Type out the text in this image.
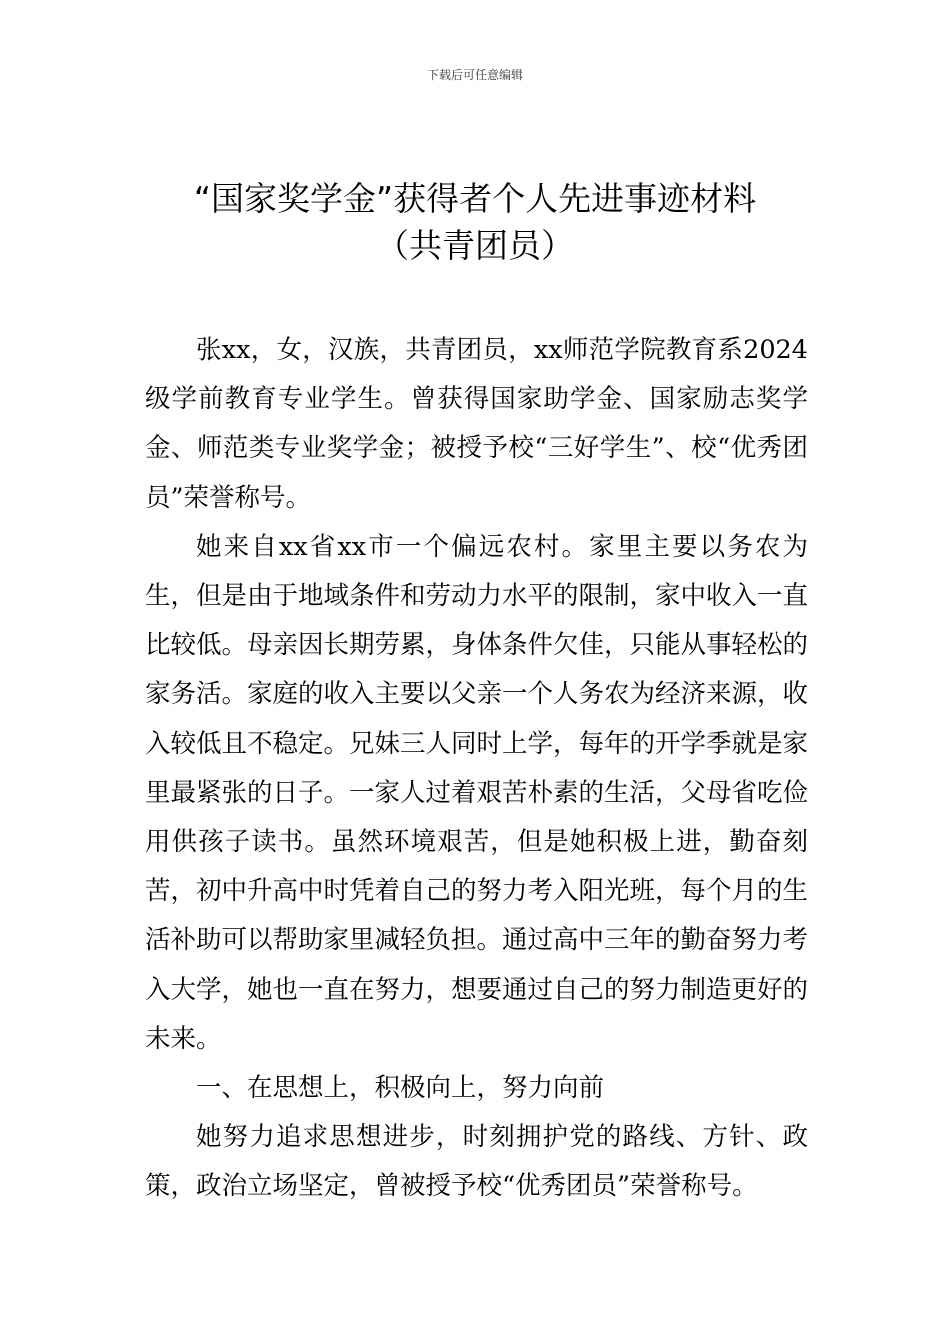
下载后可任意编辑
“国家奖学金”获得者个人先进事迹材料
（共青团员）

张xx，女，汉族，共青团员，xx师范学院教育系2024级学前教育专业学生。曾获得国家助学金、国家励志奖学金、师范类专业奖学金；被授予校“三好学生”、校“优秀团员”荣誉称号。

她来自xx省xx市一个偏远农村。家里主要以务农为生，但是由于地域条件和劳动力水平的限制，家中收入一直比较低。母亲因长期劳累，身体条件欠佳，只能从事轻松的家务活。家庭的收入主要以父亲一个人务农为经济来源，收入较低且不稳定。兄妹三人同时上学，每年的开学季就是家里最紧张的日子。一家人过着艰苦朴素的生活，父母省吃俭用供孩子读书。虽然环境艰苦，但是她积极上进，勤奋刻苦，初中升高中时凭着自己的努力考入阳光班，每个月的生活补助可以帮助家里减轻负担。通过高中三年的勤奋努力考入大学，她也一直在努力，想要通过自己的努力制造更好的未来。

一、在思想上，积极向上，努力向前

她努力追求思想进步，时刻拥护党的路线、方针、政策，政治立场坚定，曾被授予校“优秀团员”荣誉称号。
